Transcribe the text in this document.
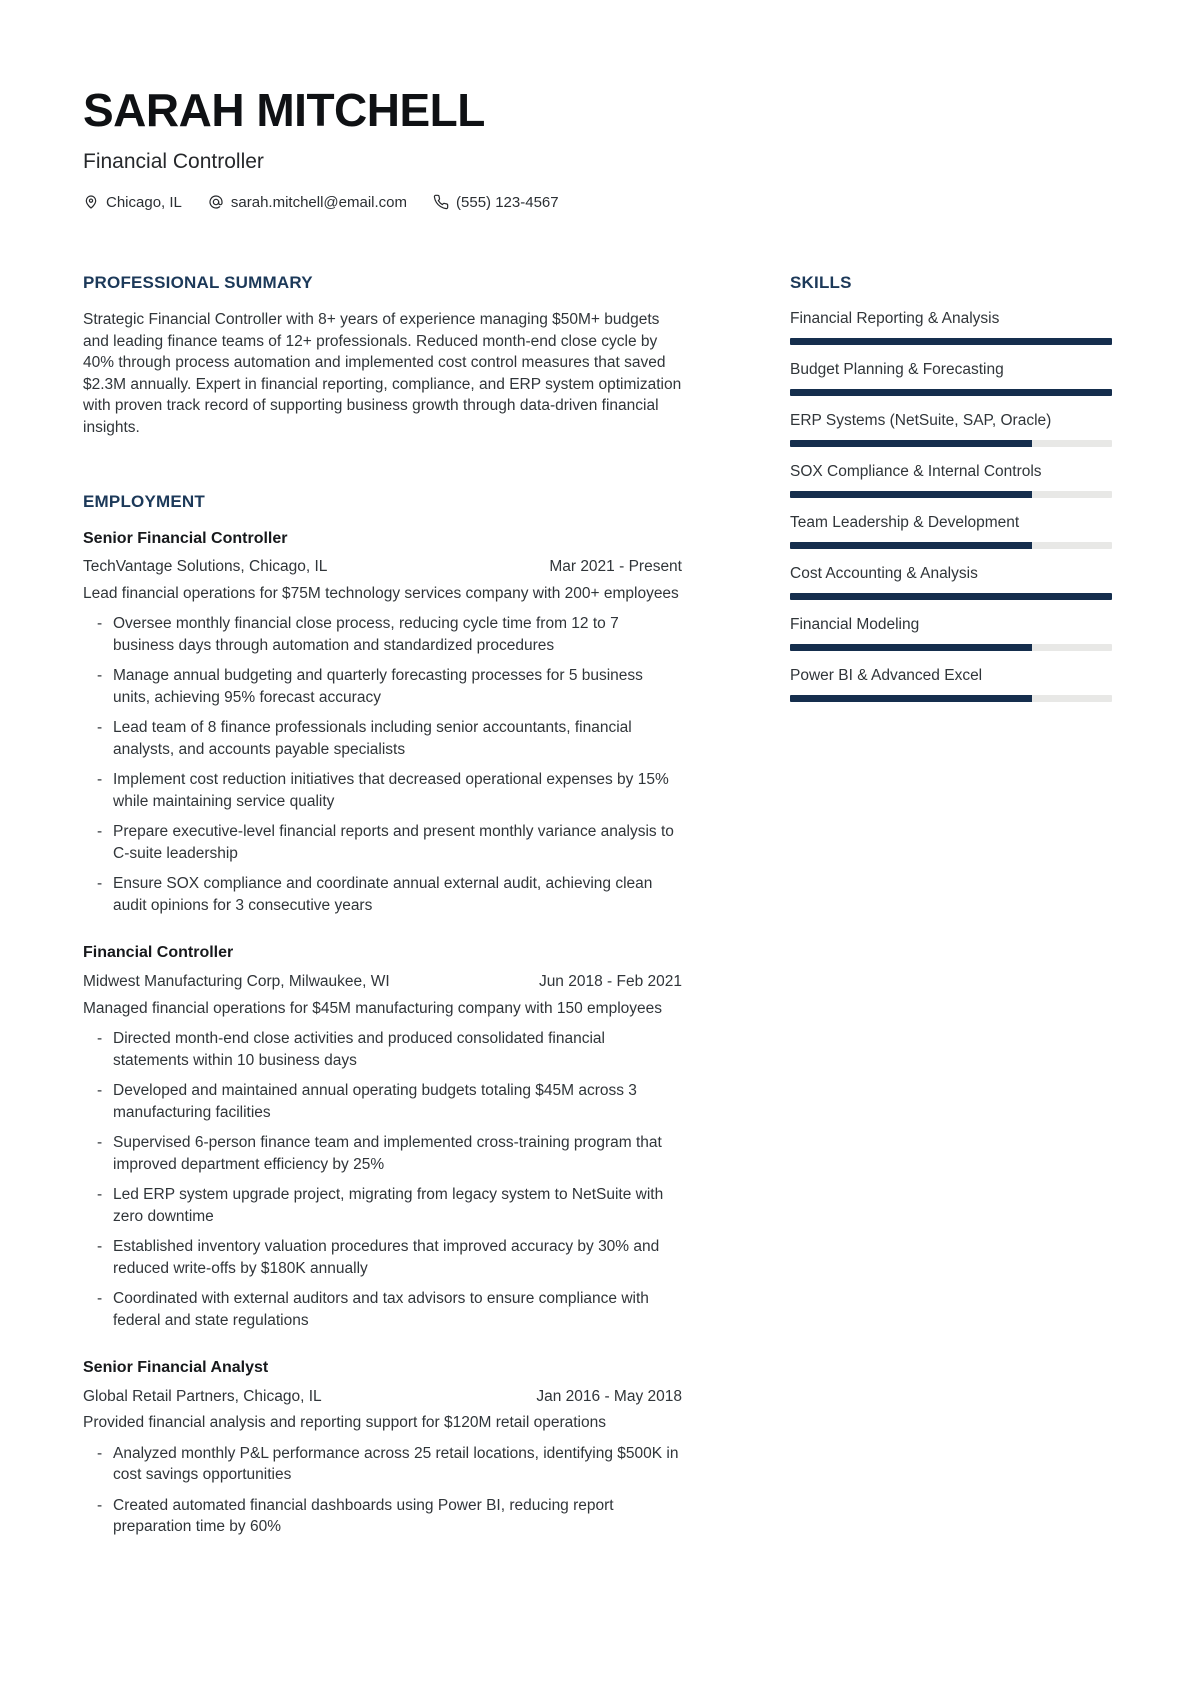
SARAH MITCHELL
Financial Controller
Chicago, IL	sarah.mitchell@email.com	(555) 123-4567
PROFESSIONAL SUMMARY

Strategic Financial Controller with 8+ years of experience managing $50M+ budgets and leading finance teams of 12+ professionals. Reduced month-end close cycle by 40% through process automation and implemented cost control measures that saved $2.3M annually. Expert in financial reporting, compliance, and ERP system optimization with proven track record of supporting business growth through data-driven financial insights.

EMPLOYMENT
Senior Financial Controller
TechVantage Solutions, Chicago, IL	Mar 2021 - Present
Lead financial operations for $75M technology services company with 200+ employees
- Oversee monthly financial close process, reducing cycle time from 12 to 7 business days through automation and standardized procedures
- Manage annual budgeting and quarterly forecasting processes for 5 business units, achieving 95% forecast accuracy
- Lead team of 8 finance professionals including senior accountants, financial analysts, and accounts payable specialists
- Implement cost reduction initiatives that decreased operational expenses by 15% while maintaining service quality
- Prepare executive-level financial reports and present monthly variance analysis to C-suite leadership
- Ensure SOX compliance and coordinate annual external audit, achieving clean audit opinions for 3 consecutive years
Financial Controller
Midwest Manufacturing Corp, Milwaukee, WI	Jun 2018 - Feb 2021
Managed financial operations for $45M manufacturing company with 150 employees
- Directed month-end close activities and produced consolidated financial statements within 10 business days
- Developed and maintained annual operating budgets totaling $45M across 3 manufacturing facilities
- Supervised 6-person finance team and implemented cross-training program that improved department efficiency by 25%
- Led ERP system upgrade project, migrating from legacy system to NetSuite with zero downtime
- Established inventory valuation procedures that improved accuracy by 30% and reduced write-offs by $180K annually
- Coordinated with external auditors and tax advisors to ensure compliance with federal and state regulations
Senior Financial Analyst
Global Retail Partners, Chicago, IL	Jan 2016 - May 2018
Provided financial analysis and reporting support for $120M retail operations
- Analyzed monthly P&L performance across 25 retail locations, identifying $500K in cost savings opportunities
- Created automated financial dashboards using Power BI, reducing report preparation time by 60%
SKILLS
Financial Reporting & Analysis
Budget Planning & Forecasting
ERP Systems (NetSuite, SAP, Oracle)
SOX Compliance & Internal Controls
Team Leadership & Development
Cost Accounting & Analysis
Financial Modeling
Power BI & Advanced Excel
